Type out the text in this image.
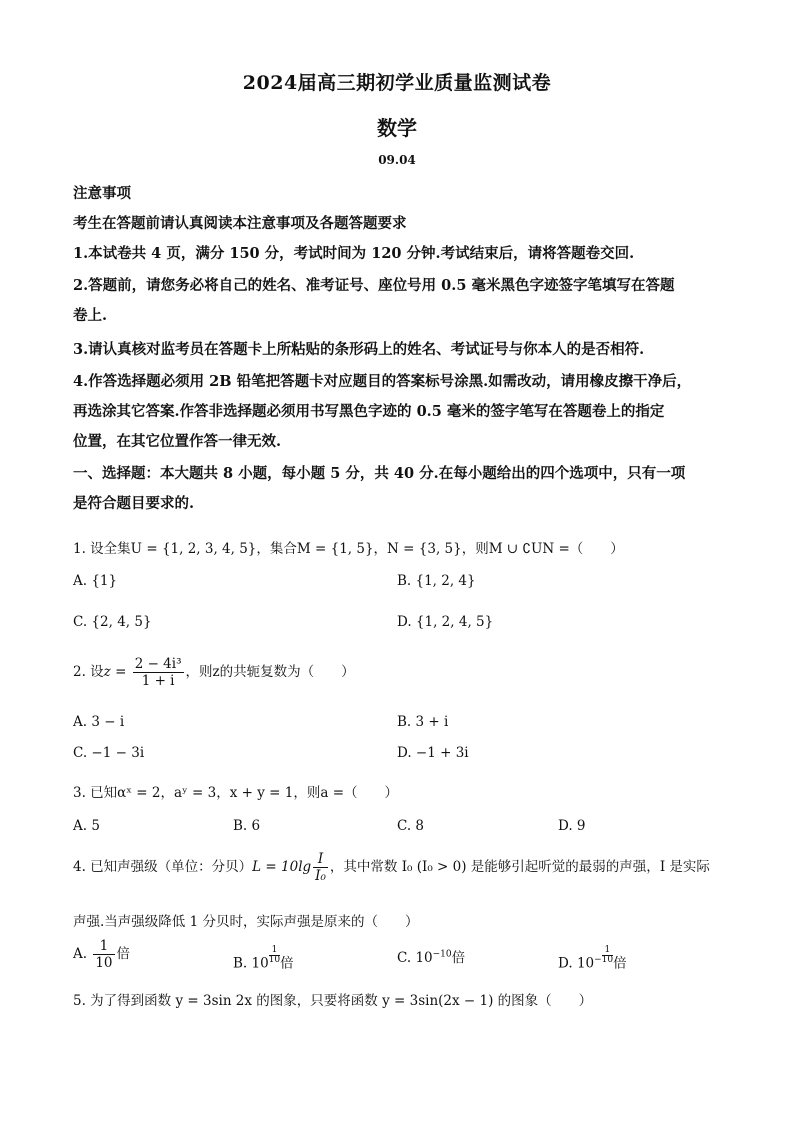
2024届高三期初学业质量监测试卷
数学
09.04
注意事项
考生在答题前请认真阅读本注意事项及各题答题要求
1.本试卷共 4 页，满分 150 分，考试时间为 120 分钟.考试结束后，请将答题卷交回.
2.答题前，请您务必将自己的姓名、准考证号、座位号用 0.5 毫米黑色字迹签字笔填写在答题
卷上.
3.请认真核对监考员在答题卡上所粘贴的条形码上的姓名、考试证号与你本人的是否相符.
4.作答选择题必须用 2B 铅笔把答题卡对应题目的答案标号涂黑.如需改动，请用橡皮擦干净后，
再选涂其它答案.作答非选择题必须用书写黑色字迹的 0.5 毫米的签字笔写在答题卷上的指定
位置，在其它位置作答一律无效.
一、选择题：本大题共 8 小题，每小题 5 分，共 40 分.在每小题给出的四个选项中，只有一项
是符合题目要求的.
1. 设全集U = {1, 2, 3, 4, 5}，集合M = {1, 5}，N = {3, 5}，则M ∪ ∁UN =（　　）
A. {1}	B. {1, 2, 4}
C. {2, 4, 5}	D. {1, 2, 4, 5}
2. 设$z = \frac{\text{2 − 4i³}}{1 + i}$ ，则z的共轭复数为（　　）
A. 3 − i	B. 3 + i
C. −1 − 3i	D. −1 + 3i
3. 已知αˣ = 2，aʸ = 3，x + y = 1，则a =（　　）
A. 5	B. 6	C. 8	D. 9
4. 已知声强级（单位：分贝）$L = 10\lg \frac{I}{\text{I₀}}$ ，其中常数 I₀ (I₀ > 0) 是能够引起听觉的最弱的声强，I 是实际
声强.当声强级降低 1 分贝时，实际声强是原来的（　　）
A. $\frac{1}{10}$ 倍
B. $10 \frac{1}{10}$ 倍	C. $10^{-10}$倍	D. $10^- \frac{1}{10}$ 倍
5. 为了得到函数 y = 3sin 2x 的图象，只要将函数 y = 3sin(2x − 1) 的图象（　　）
